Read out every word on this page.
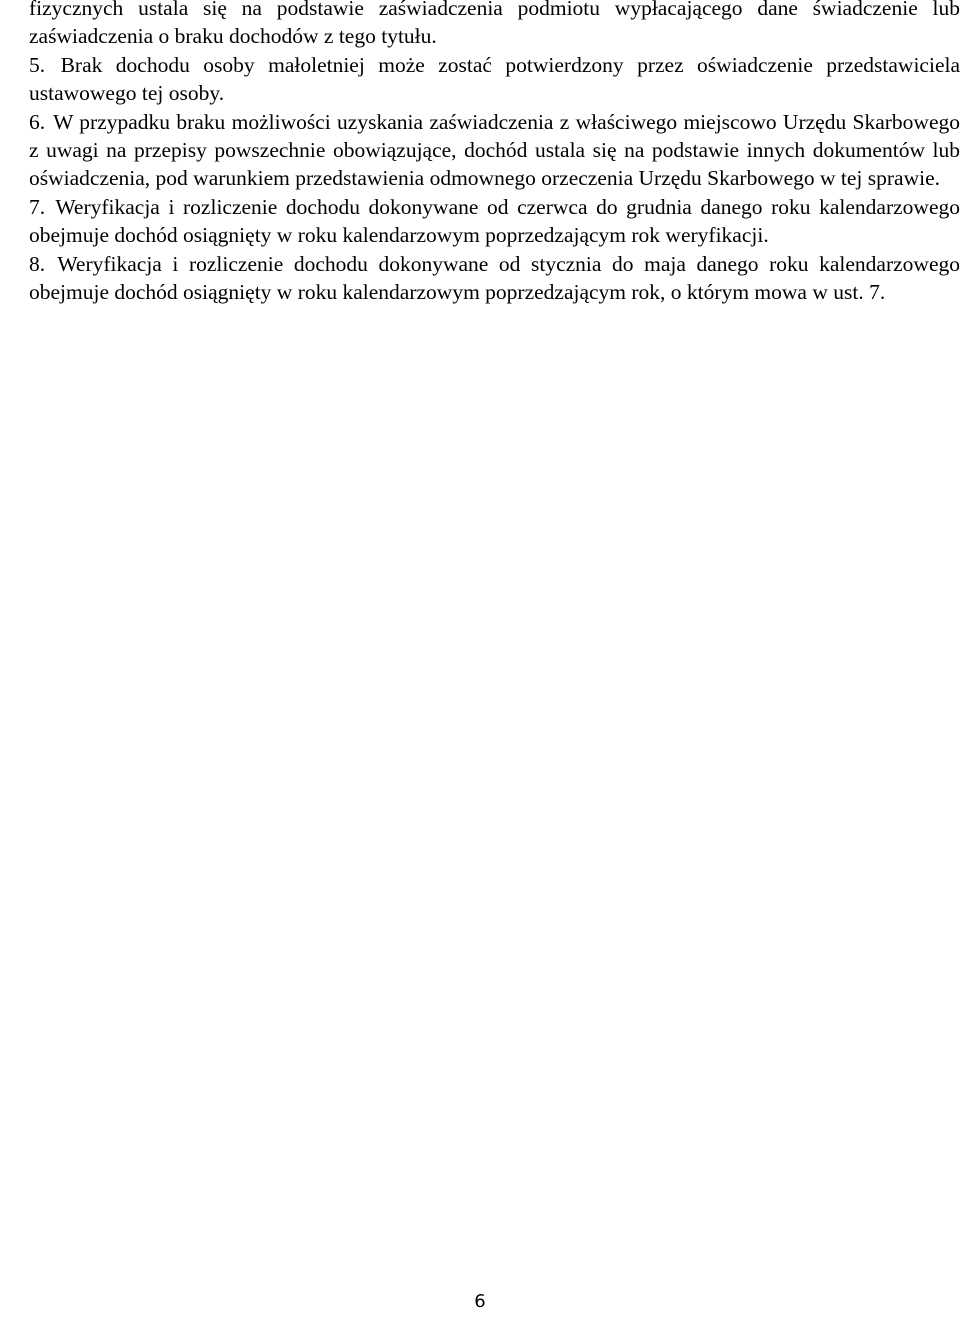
fizycznych ustala się na podstawie zaświadczenia podmiotu wypłacającego dane świadczenie lub zaświadczenia o braku dochodów z tego tytułu.

5. Brak dochodu osoby małoletniej może zostać potwierdzony przez oświadczenie przedstawiciela ustawowego tej osoby.

6. W przypadku braku możliwości uzyskania zaświadczenia z właściwego miejscowo Urzędu Skarbowego z uwagi na przepisy powszechnie obowiązujące, dochód ustala się na podstawie innych dokumentów lub oświadczenia, pod warunkiem przedstawienia odmownego orzeczenia Urzędu Skarbowego w tej sprawie.

7. Weryfikacja i rozliczenie dochodu dokonywane od czerwca do grudnia danego roku kalendarzowego obejmuje dochód osiągnięty w roku kalendarzowym poprzedzającym rok weryfikacji.

8. Weryfikacja i rozliczenie dochodu dokonywane od stycznia do maja danego roku kalendarzowego obejmuje dochód osiągnięty w roku kalendarzowym poprzedzającym rok, o którym mowa w ust. 7.

6
